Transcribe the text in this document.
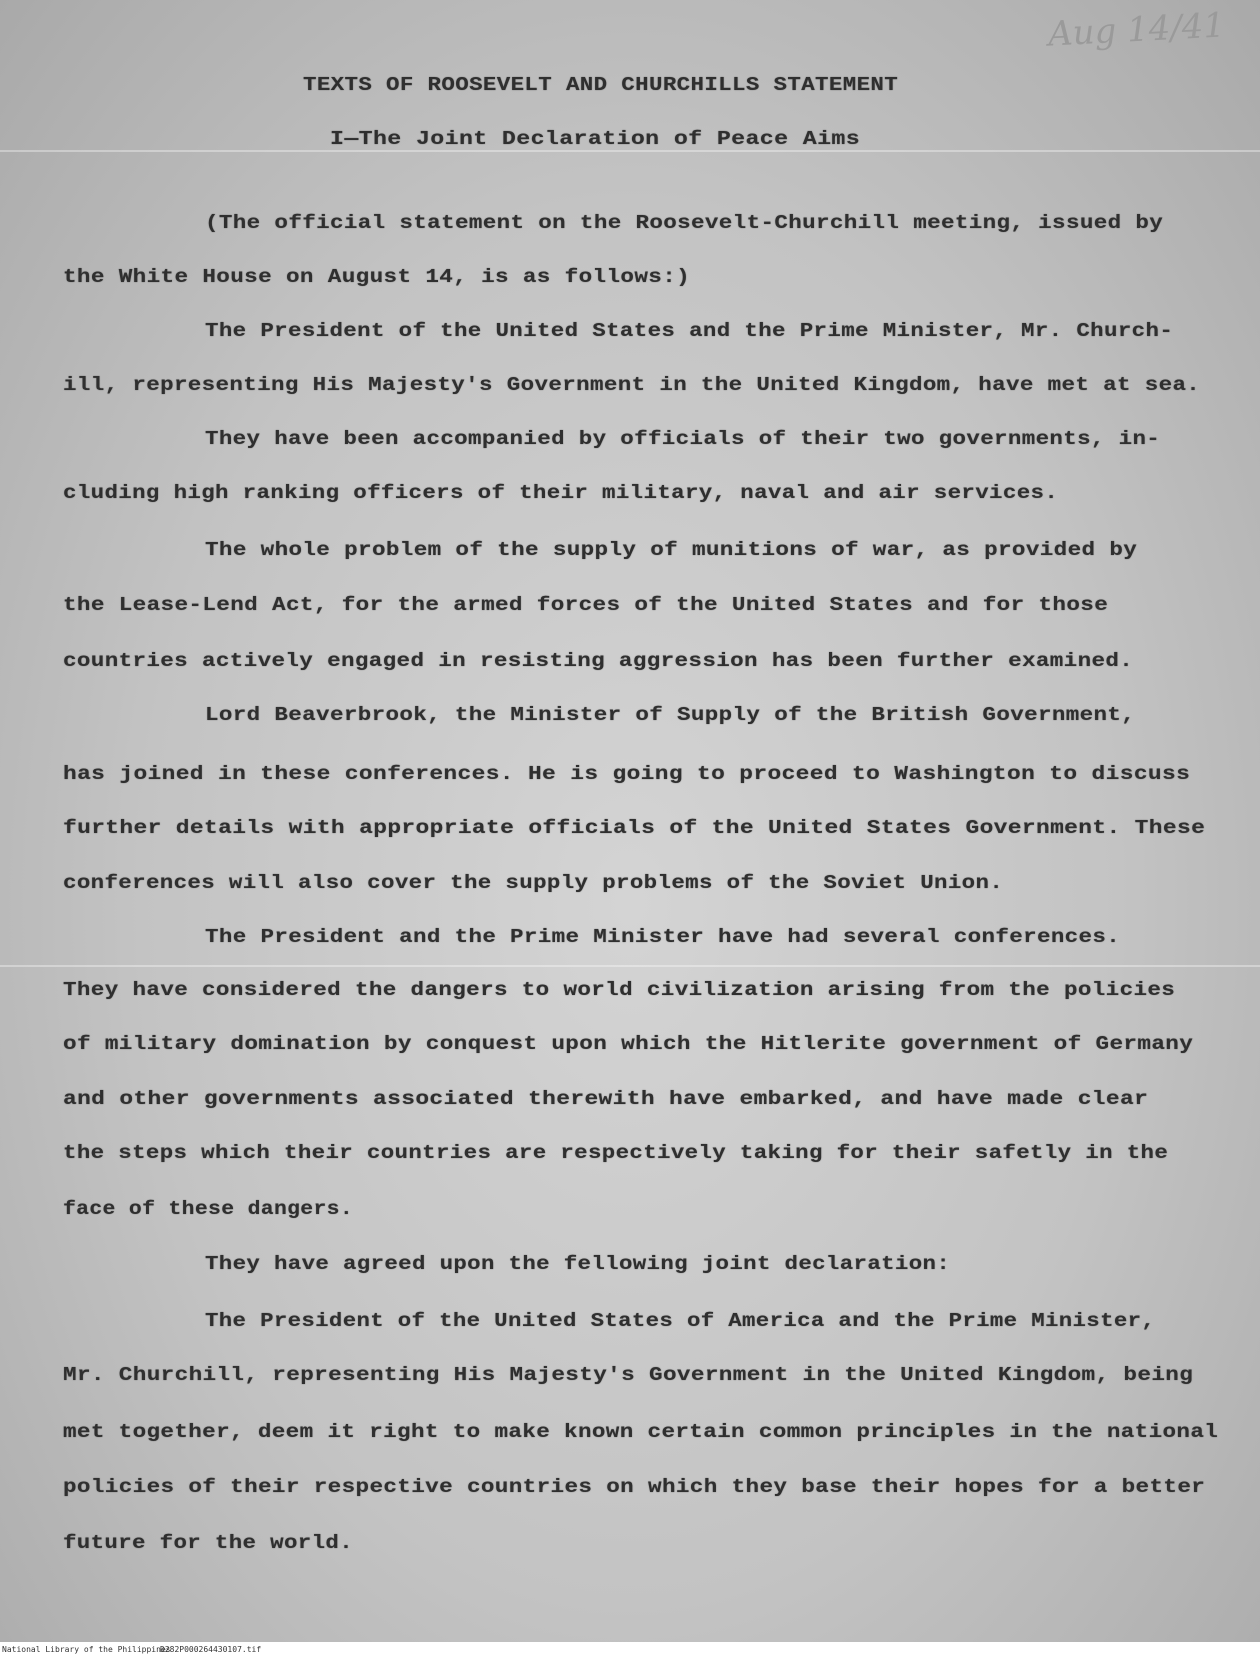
Aug 14/41
TEXTS OF ROOSEVELT AND CHURCHILLS STATEMENT
I—The Joint Declaration of Peace Aims
(The official statement on the Roosevelt-Churchill meeting, issued by
the White House on August 14, is as follows:)
The President of the United States and the Prime Minister, Mr. Church-
ill, representing His Majesty's Government in the United Kingdom, have met at sea.
They have been accompanied by officials of their two governments, in-
cluding high ranking officers of their military, naval and air services.
The whole problem of the supply of munitions of war, as provided by
the Lease-Lend Act, for the armed forces of the United States and for those
countries actively engaged in resisting aggression has been further examined.
Lord Beaverbrook, the Minister of Supply of the British Government,
has joined in these conferences. He is going to proceed to Washington to discuss
further details with appropriate officials of the United States Government. These
conferences will also cover the supply problems of the Soviet Union.
The President and the Prime Minister have had several conferences.
They have considered the dangers to world civilization arising from the policies
of military domination by conquest upon which the Hitlerite government of Germany
and other governments associated therewith have embarked, and have made clear
the steps which their countries are respectively taking for their safetly in the
face of these dangers.
They have agreed upon the fellowing joint declaration:
The President of the United States of America and the Prime Minister,
Mr. Churchill, representing His Majesty's Government in the United Kingdom, being
met together, deem it right to make known certain common principles in the national
policies of their respective countries on which they base their hopes for a better
future for the world.
National Library of the Philippines
D282P000264430107.tif
